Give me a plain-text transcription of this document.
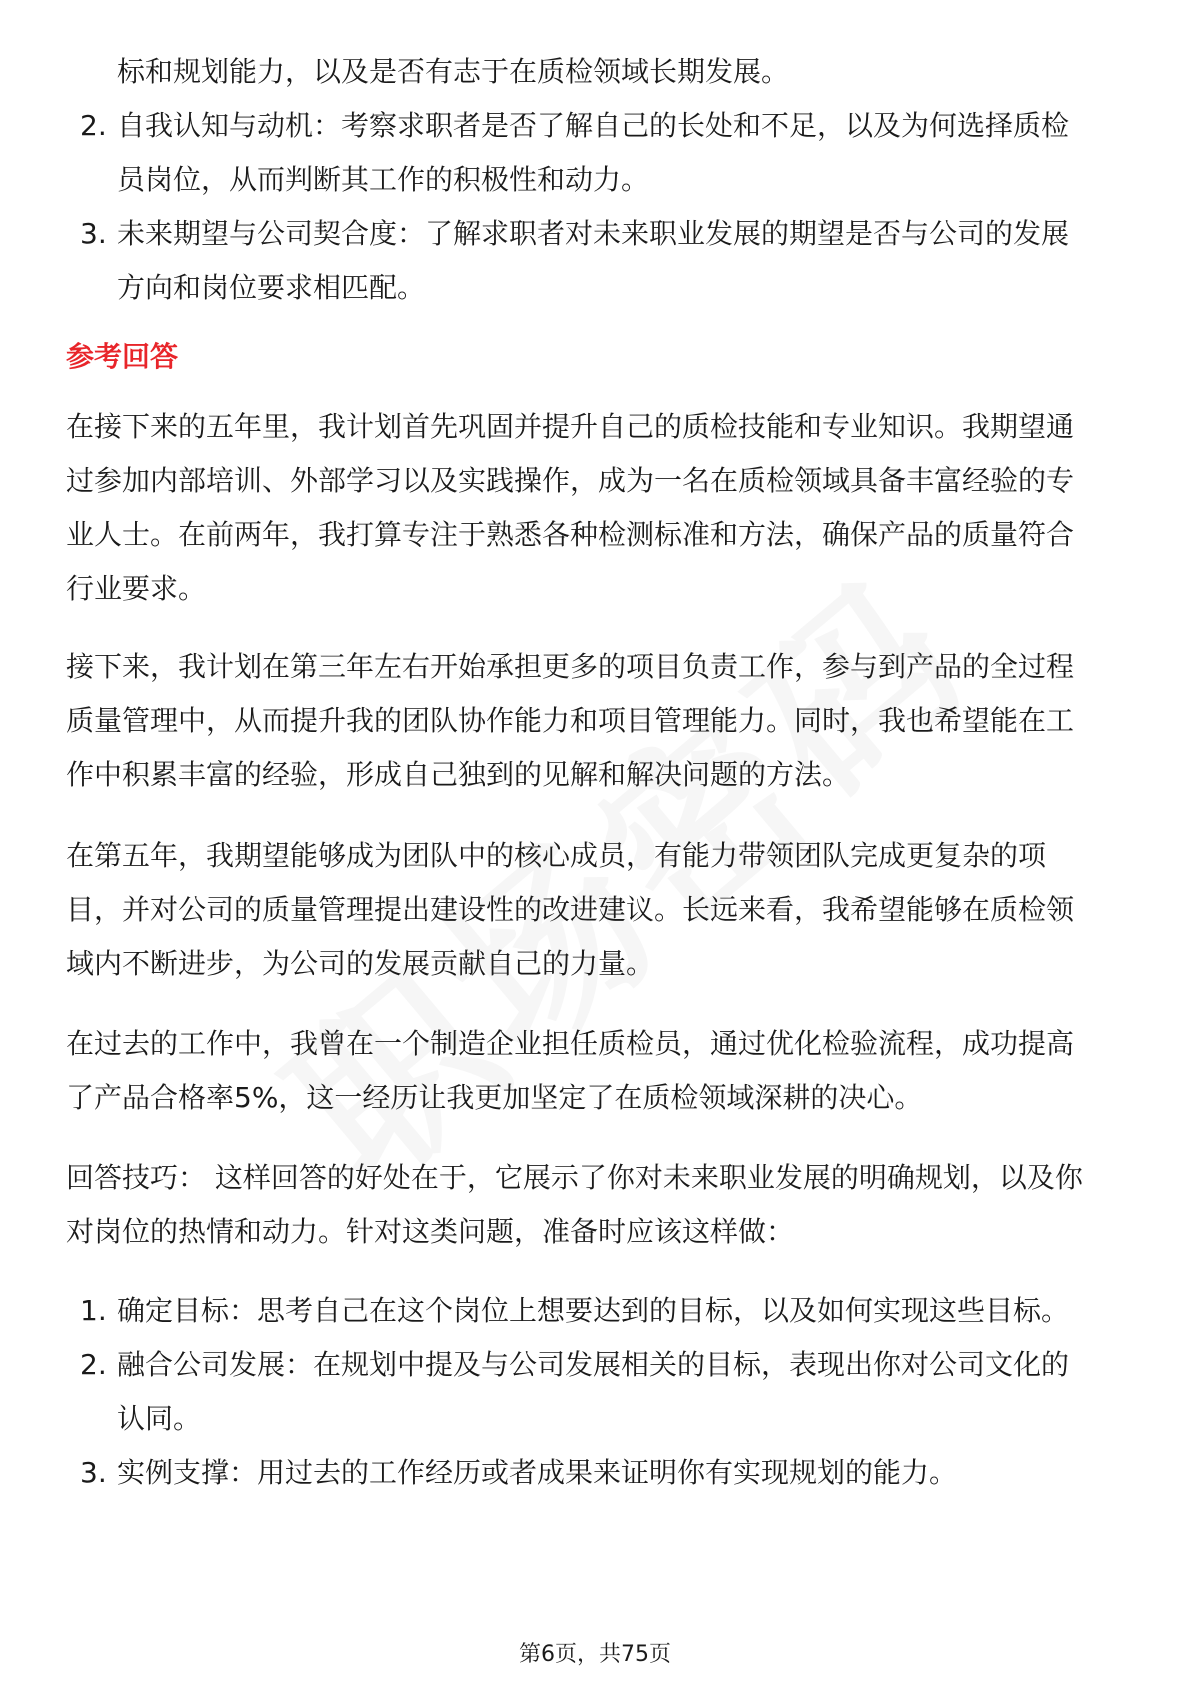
标和规划能力，以及是否有志于在质检领域长期发展。
2. 自我认知与动机：考察求职者是否了解自己的长处和不足，以及为何选择质检
员岗位，从而判断其工作的积极性和动力。
3. 未来期望与公司契合度：了解求职者对未来职业发展的期望是否与公司的发展
方向和岗位要求相匹配。
参考回答
在接下来的五年里，我计划首先巩固并提升自己的质检技能和专业知识。我期望通
过参加内部培训、外部学习以及实践操作，成为一名在质检领域具备丰富经验的专
业人士。在前两年，我打算专注于熟悉各种检测标准和方法，确保产品的质量符合
行业要求。
接下来，我计划在第三年左右开始承担更多的项目负责工作，参与到产品的全过程
质量管理中，从而提升我的团队协作能力和项目管理能力。同时，我也希望能在工
作中积累丰富的经验，形成自己独到的见解和解决问题的方法。
在第五年，我期望能够成为团队中的核心成员，有能力带领团队完成更复杂的项
目，并对公司的质量管理提出建设性的改进建议。长远来看，我希望能够在质检领
域内不断进步，为公司的发展贡献自己的力量。
在过去的工作中，我曾在一个制造企业担任质检员，通过优化检验流程，成功提高
了产品合格率5%，这一经历让我更加坚定了在质检领域深耕的决心。
回答技巧： 这样回答的好处在于，它展示了你对未来职业发展的明确规划，以及你
对岗位的热情和动力。针对这类问题，准备时应该这样做：
1. 确定目标：思考自己在这个岗位上想要达到的目标，以及如何实现这些目标。
2. 融合公司发展：在规划中提及与公司发展相关的目标，表现出你对公司文化的
认同。
3. 实例支撑：用过去的工作经历或者成果来证明你有实现规划的能力。
第6页，共75页
